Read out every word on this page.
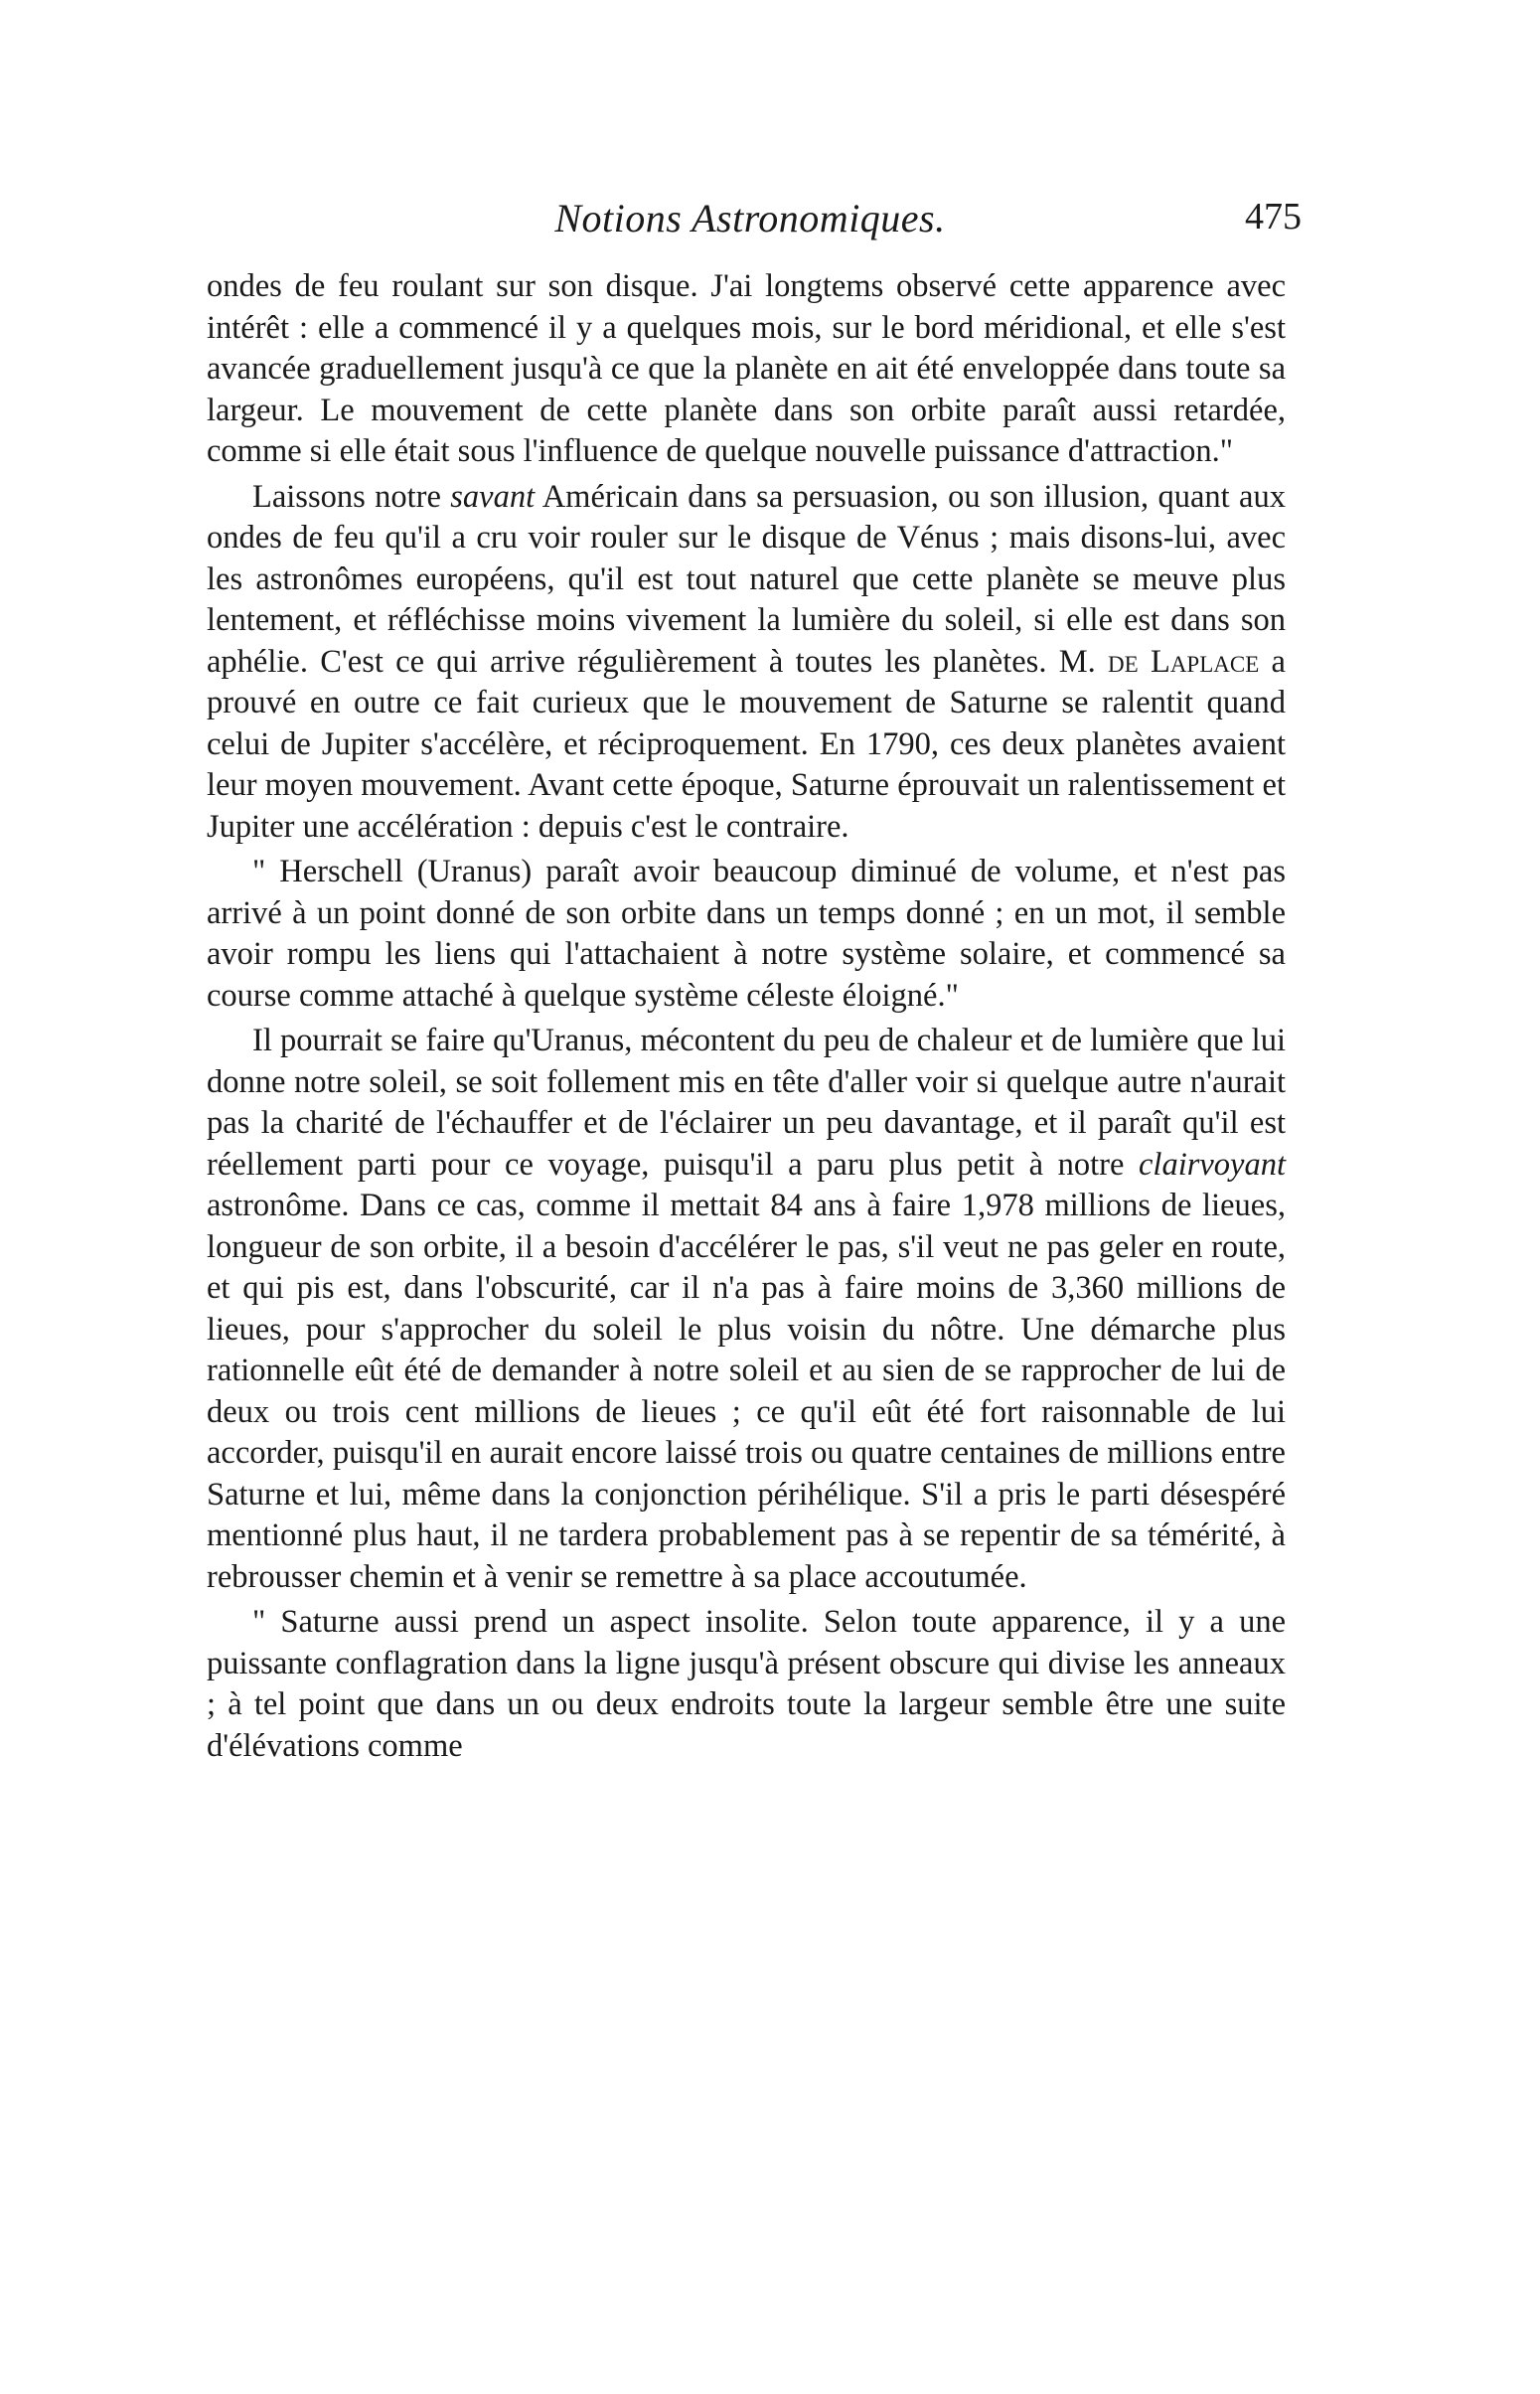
Notions Astronomiques.	475

ondes de feu roulant sur son disque. J'ai longtems observé cette apparence avec intérêt : elle a commencé il y a quelques mois, sur le bord méridional, et elle s'est avancée graduellement jusqu'à ce que la planète en ait été enveloppée dans toute sa largeur. Le mouvement de cette planète dans son orbite paraît aussi retardée, comme si elle était sous l'influence de quelque nouvelle puissance d'attraction."

Laissons notre savant Américain dans sa persuasion, ou son illusion, quant aux ondes de feu qu'il a cru voir rouler sur le disque de Vénus ; mais disons-lui, avec les astronômes européens, qu'il est tout naturel que cette planète se meuve plus lentement, et réfléchisse moins vivement la lumière du soleil, si elle est dans son aphélie. C'est ce qui arrive régulièrement à toutes les planètes. M. de Laplace a prouvé en outre ce fait curieux que le mouvement de Saturne se ralentit quand celui de Jupiter s'accélère, et réciproquement. En 1790, ces deux planètes avaient leur moyen mouvement. Avant cette époque, Saturne éprouvait un ralentissement et Jupiter une accélération : depuis c'est le contraire.

" Herschell (Uranus) paraît avoir beaucoup diminué de volume, et n'est pas arrivé à un point donné de son orbite dans un temps donné ; en un mot, il semble avoir rompu les liens qui l'attachaient à notre système solaire, et commencé sa course comme attaché à quelque système céleste éloigné."

Il pourrait se faire qu'Uranus, mécontent du peu de chaleur et de lumière que lui donne notre soleil, se soit follement mis en tête d'aller voir si quelque autre n'aurait pas la charité de l'échauffer et de l'éclairer un peu davantage, et il paraît qu'il est réellement parti pour ce voyage, puisqu'il a paru plus petit à notre clairvoyant astronôme. Dans ce cas, comme il mettait 84 ans à faire 1,978 millions de lieues, longueur de son orbite, il a besoin d'accélérer le pas, s'il veut ne pas geler en route, et qui pis est, dans l'obscurité, car il n'a pas à faire moins de 3,360 millions de lieues, pour s'approcher du soleil le plus voisin du nôtre. Une démarche plus rationnelle eût été de demander à notre soleil et au sien de se rapprocher de lui de deux ou trois cent millions de lieues ; ce qu'il eût été fort raisonnable de lui accorder, puisqu'il en aurait encore laissé trois ou quatre centaines de millions entre Saturne et lui, même dans la conjonction périhélique. S'il a pris le parti désespéré mentionné plus haut, il ne tardera probablement pas à se repentir de sa témérité, à rebrousser chemin et à venir se remettre à sa place accoutumée.

" Saturne aussi prend un aspect insolite. Selon toute apparence, il y a une puissante conflagration dans la ligne jusqu'à présent obscure qui divise les anneaux ; à tel point que dans un ou deux endroits toute la largeur semble être une suite d'élévations comme
